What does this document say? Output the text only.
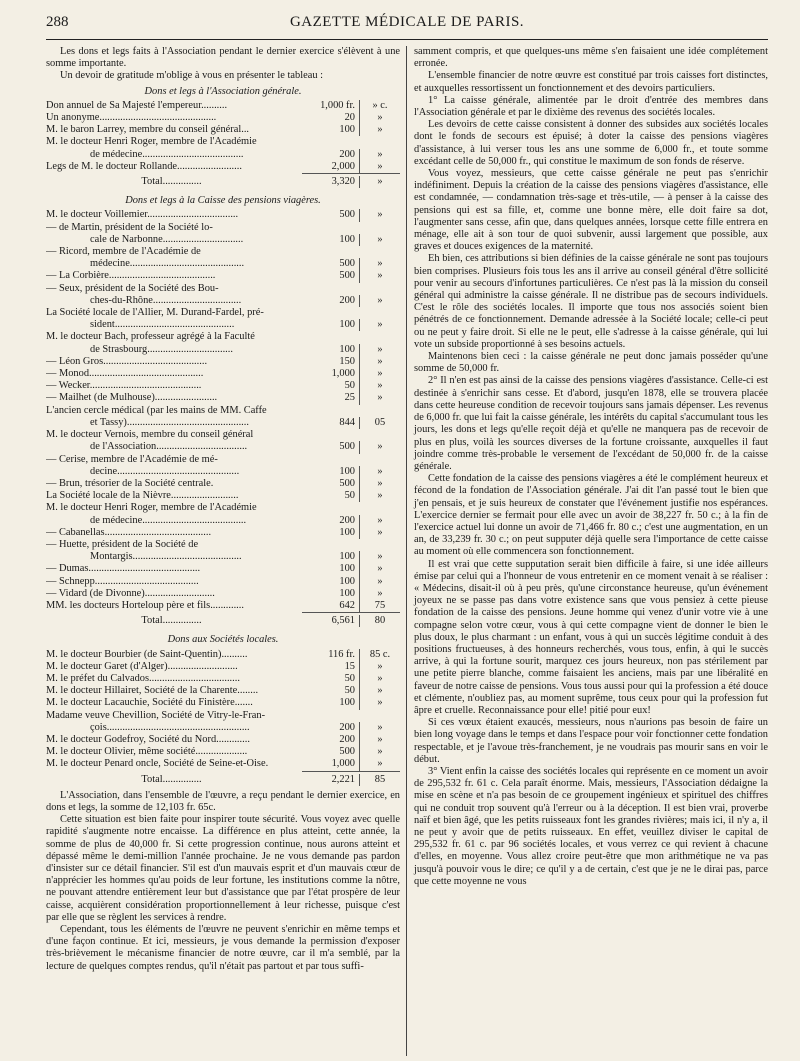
288	GAZETTE MÉDICALE DE PARIS.

Les dons et legs faits à l'Association pendant le dernier exercice s'élèvent à une somme importante.

Un devoir de gratitude m'oblige à vous en présenter le tableau :

Dons et legs à l'Association générale.
Don annuel de Sa Majesté l'empereur..........	1,000 fr.	» c.
Un anonyme.............................................	20	»
M. le baron Larrey, membre du conseil général...	100	»
M. le docteur Henri Roger, membre de l'Académie
de médecine.......................................	200	»
Legs de M. le docteur Rollande.........................	2,000	»
Total...............	3,320	»
Dons et legs à la Caisse des pensions viagères.
M. le docteur Voillemier...................................	500	»
— de Martin, président de la Société lo-
cale de Narbonne...............................	100	»
— Ricord, membre de l'Académie de
médecine............................................	500	»
— La Corbière.........................................	500	»
— Seux, président de la Société des Bou-
ches-du-Rhône..................................	200	»
La Société locale de l'Allier, M. Durand-Fardel, pré-
sident..............................................	100	»
M. le docteur Bach, professeur agrégé à la Faculté
de Strasbourg.................................	100	»
— Léon Gros........................................	150	»
— Monod............................................	1,000	»
— Wecker...........................................	50	»
— Mailhet (de Mulhouse)........................	25	»
L'ancien cercle médical (par les mains de MM. Caffe
et Tassy)...............................................	844	05
M. le docteur Vernois, membre du conseil général
de l'Association...................................	500	»
— Cerise, membre de l'Académie de mé-
decine...............................................	100	»
— Brun, trésorier de la Société centrale.	500	»
La Société locale de la Nièvre..........................	50	»
M. le docteur Henri Roger, membre de l'Académie
de médecine........................................	200	»
— Cabanellas.........................................	100	»
— Huette, président de la Société de
Montargis..........................................	100	»
— Dumas...........................................	100	»
— Schnepp........................................	100	»
— Vidard (de Divonne)...........................	100	»
MM. les docteurs Horteloup père et fils.............	642	75
Total...............	6,561	80
Dons aux Sociétés locales.
M. le docteur Bourbier (de Saint-Quentin)..........	116 fr.	85 c.
M. le docteur Garet (d'Alger)...........................	15	»
M. le préfet du Calvados...................................	50	»
M. le docteur Hillairet, Société de la Charente........	50	»
M. le docteur Lacauchie, Société du Finistère.......	100	»
Madame veuve Chevillion, Société de Vitry-le-Fran-
çois.......................................................	200	»
M. le docteur Godefroy, Société du Nord.............	200	»
M. le docteur Olivier, même société....................	500	»
M. le docteur Penard oncle, Société de Seine-et-Oise.	1,000	»
Total...............	2,221	85

L'Association, dans l'ensemble de l'œuvre, a reçu pendant le dernier exercice, en dons et legs, la somme de 12,103 fr. 65c.

Cette situation est bien faite pour inspirer toute sécurité. Vous voyez avec quelle rapidité s'augmente notre encaisse. La différence en plus atteint, cette année, la somme de plus de 40,000 fr. Si cette progression continue, nous aurons atteint et dépassé même le demi-million l'année prochaine. Je ne vous demande pas pardon d'insister sur ce détail financier. S'il est d'un mauvais esprit et d'un mauvais cœur de n'apprécier les hommes qu'au poids de leur fortune, les institutions comme la nôtre, ne pouvant attendre entièrement leur but d'assistance que par l'état prospère de leur caisse, acquièrent considération proportionnellement à leur richesse, puisque c'est par elle que se règlent les services à rendre.

Cependant, tous les éléments de l'œuvre ne peuvent s'enrichir en même temps et d'une façon continue. Et ici, messieurs, je vous demande la permission d'exposer très-brièvement le mécanisme financier de notre œuvre, car il m'a semblé, par la lecture de quelques comptes rendus, qu'il n'était pas partout et par tous suffi-

samment compris, et que quelques-uns même s'en faisaient une idée complétement erronée.

L'ensemble financier de notre œuvre est constitué par trois caisses fort distinctes, et auxquelles ressortissent un fonctionnement et des devoirs particuliers.

1° La caisse générale, alimentée par le droit d'entrée des membres dans l'Association générale et par le dixième des revenus des sociétés locales.

Les devoirs de cette caisse consistent à donner des subsides aux sociétés locales dont le fonds de secours est épuisé; à doter la caisse des pensions viagères d'assistance, à lui verser tous les ans une somme de 6,000 fr., et toute somme excédant celle de 50,000 fr., qui constitue le maximum de son fonds de réserve.

Vous voyez, messieurs, que cette caisse générale ne peut pas s'enrichir indéfiniment. Depuis la création de la caisse des pensions viagères d'assistance, elle est condamnée, — condamnation très-sage et très-utile, — à penser à la caisse des pensions qui est sa fille, et, comme une bonne mère, elle doit faire sa dot, l'augmenter sans cesse, afin que, dans quelques années, lorsque cette fille entrera en ménage, elle ait à son tour de quoi subvenir, aussi largement que possible, aux graves et douces exigences de la maternité.

Eh bien, ces attributions si bien définies de la caisse générale ne sont pas toujours bien comprises. Plusieurs fois tous les ans il arrive au conseil général d'être sollicité pour venir au secours d'infortunes particulières. Ce n'est pas là la mission du conseil général qui administre la caisse générale. Il ne distribue pas de secours individuels. C'est le rôle des sociétés locales. Il importe que tous nos associés soient bien pénétrés de ce fonctionnement. Demande adressée à la Société locale; celle-ci peut ou ne peut y faire droit. Si elle ne le peut, elle s'adresse à la caisse générale, qui lui vote un subside proportionné à ses besoins actuels.

Maintenons bien ceci : la caisse générale ne peut donc jamais posséder qu'une somme de 50,000 fr.

2° Il n'en est pas ainsi de la caisse des pensions viagères d'assistance. Celle-ci est destinée à s'enrichir sans cesse. Et d'abord, jusqu'en 1878, elle se trouvera placée dans cette heureuse condition de recevoir toujours sans jamais dépenser. Les revenus de 6,000 fr. que lui fait la caisse générale, les intérêts du capital s'accumulant tous les jours, les dons et legs qu'elle reçoit déjà et qu'elle ne manquera pas de recevoir de plus en plus, voilà les sources diverses de la fortune croissante, auxquelles il faut joindre comme très-probable le versement de l'excédant de 50,000 fr. de la caisse générale.

Cette fondation de la caisse des pensions viagères a été le complément heureux et fécond de la fondation de l'Association générale. J'ai dit l'an passé tout le bien que j'en pensais, et je suis heureux de constater que l'événement justifie nos espérances. L'exercice dernier se fermait pour elle avec un avoir de 38,227 fr. 50 c.; à la fin de l'exercice actuel lui donne un avoir de 71,466 fr. 80 c.; c'est une augmentation, en un an, de 33,239 fr. 30 c.; on peut supputer déjà quelle sera l'importance de cette caisse au moment où elle commencera son fonctionnement.

Il est vrai que cette supputation serait bien difficile à faire, si une idée ailleurs émise par celui qui a l'honneur de vous entretenir en ce moment venait à se réaliser : « Médecins, disait-il où à peu près, qu'une circonstance heureuse, qu'un événement joyeux ne se passe pas dans votre existence sans que vous pensiez à cette pieuse fondation de la caisse des pensions. Jeune homme qui venez d'unir votre vie à une compagne selon votre cœur, vous à qui cette compagne vient de donner le bien le plus doux, le plus charmant : un enfant, vous à qui un succès légitime conduit à des positions fructueuses, à des honneurs recherchés, vous tous, enfin, à qui le succès arrive, à qui la fortune sourit, marquez ces jours heureux, non pas stérilement par une petite pierre blanche, comme faisaient les anciens, mais par une libéralité en faveur de notre caisse de pensions. Vous tous aussi pour qui la profession a été douce et clémente, n'oubliez pas, au moment suprême, tous ceux pour qui la profession fut âpre et cruelle. Reconnaissance pour elle! pitié pour eux!

Si ces vœux étaient exaucés, messieurs, nous n'aurions pas besoin de faire un bien long voyage dans le temps et dans l'espace pour voir fonctionner cette fondation respectable, et je l'avoue très-franchement, je ne voudrais pas mourir sans en voir le début.

3° Vient enfin la caisse des sociétés locales qui représente en ce moment un avoir de 295,532 fr. 61 c. Cela paraît énorme. Mais, messieurs, l'Association dédaigne la mise en scène et n'a pas besoin de ce groupement ingénieux et spirituel des chiffres qui ne conduit trop souvent qu'à l'erreur ou à la déception. Il est bien vrai, proverbe naïf et bien âgé, que les petits ruisseaux font les grandes rivières; mais ici, il n'y a, il ne peut y avoir que de petits ruisseaux. En effet, veuillez diviser le capital de 295,532 fr. 61 c. par 96 sociétés locales, et vous verrez ce qui revient à chacune d'elles, en moyenne. Vous allez croire peut-être que mon arithmétique ne va pas jusqu'à pouvoir vous le dire; ce qu'il y a de certain, c'est que je ne le dirai pas, parce que cette moyenne ne vous
